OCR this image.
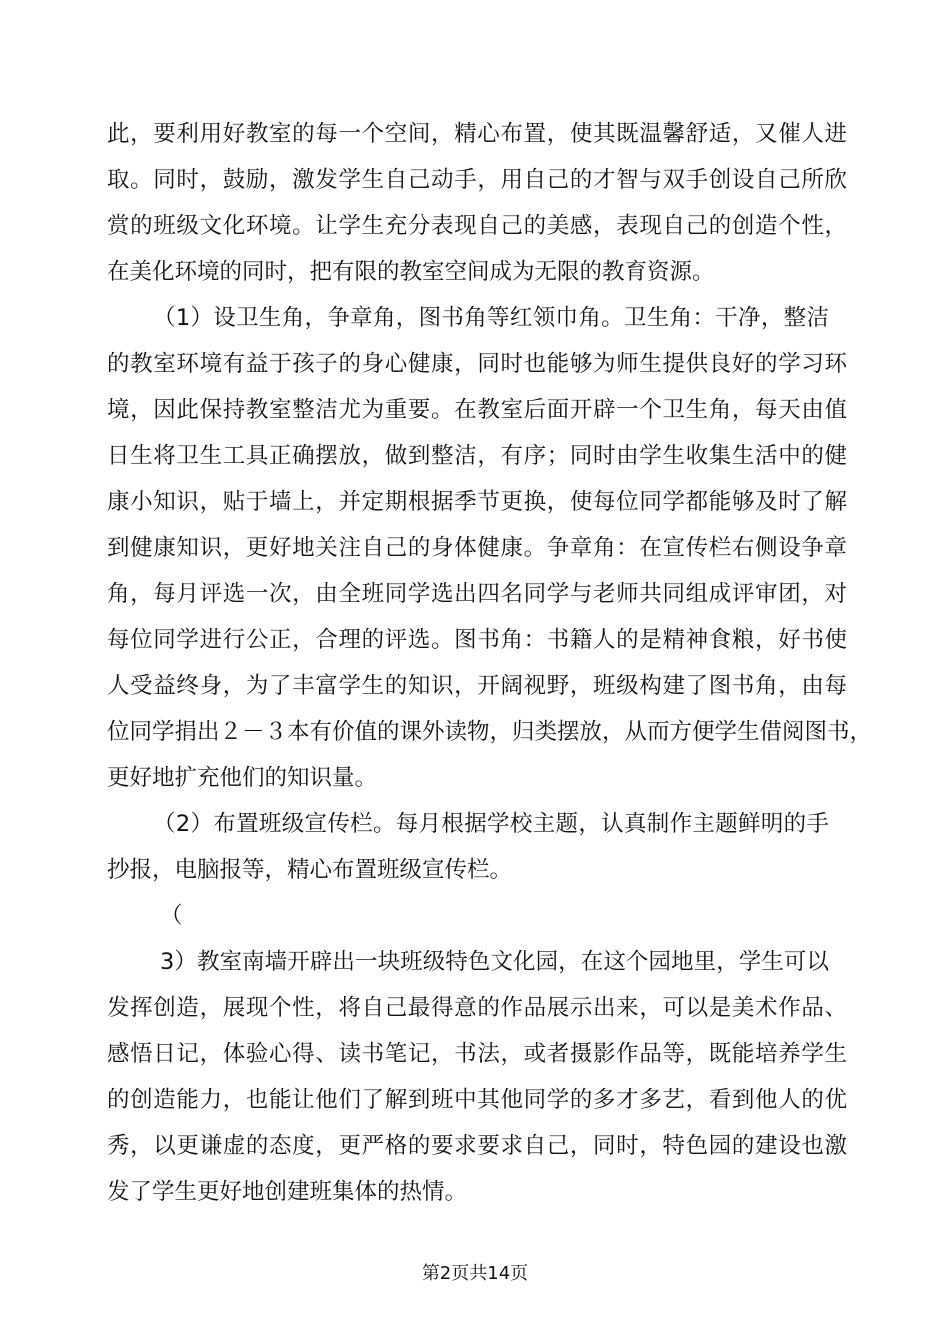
此，要利用好教室的每一个空间，精心布置，使其既温馨舒适，又催人进
取。同时，鼓励，激发学生自己动手，用自己的才智与双手创设自己所欣
赏的班级文化环境。让学生充分表现自己的美感，表现自己的创造个性，
在美化环境的同时，把有限的教室空间成为无限的教育资源。
（1）设卫生角，争章角，图书角等红领巾角。卫生角：干净，整洁
的教室环境有益于孩子的身心健康，同时也能够为师生提供良好的学习环
境，因此保持教室整洁尤为重要。在教室后面开辟一个卫生角，每天由值
日生将卫生工具正确摆放，做到整洁，有序；同时由学生收集生活中的健
康小知识，贴于墙上，并定期根据季节更换，使每位同学都能够及时了解
到健康知识，更好地关注自己的身体健康。争章角：在宣传栏右侧设争章
角，每月评选一次，由全班同学选出四名同学与老师共同组成评审团，对
每位同学进行公正，合理的评选。图书角：书籍人的是精神食粮，好书使
人受益终身，为了丰富学生的知识，开阔视野，班级构建了图书角，由每
位同学捐出２－３本有价值的课外读物，归类摆放，从而方便学生借阅图书，
更好地扩充他们的知识量。
（2）布置班级宣传栏。每月根据学校主题，认真制作主题鲜明的手
抄报，电脑报等，精心布置班级宣传栏。
（
3）教室南墙开辟出一块班级特色文化园，在这个园地里，学生可以
发挥创造，展现个性，将自己最得意的作品展示出来，可以是美术作品、
感悟日记，体验心得、读书笔记，书法，或者摄影作品等，既能培养学生
的创造能力，也能让他们了解到班中其他同学的多才多艺，看到他人的优
秀，以更谦虚的态度，更严格的要求要求自己，同时，特色园的建设也激
发了学生更好地创建班集体的热情。
第2页共14页
